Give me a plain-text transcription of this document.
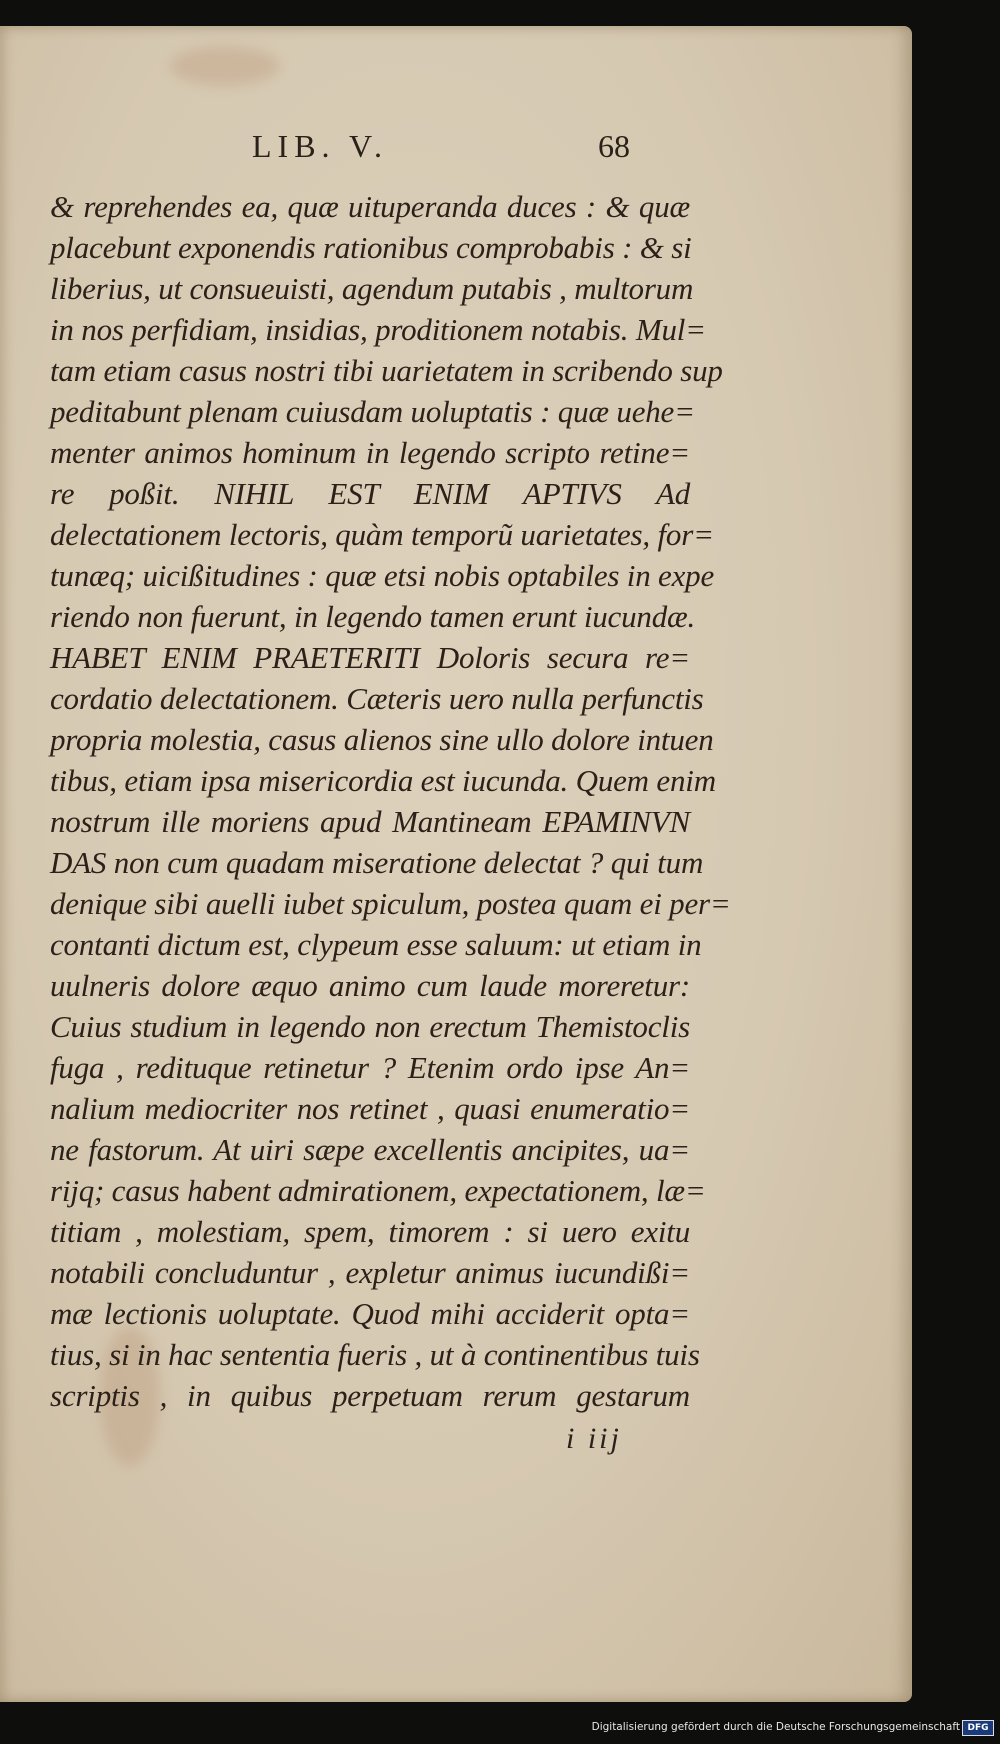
LIB. V.	68
& reprehendes ea, quæ uituperanda duces : & quæ
placebunt exponendis rationibus comprobabis : & si
liberius, ut consueuisti, agendum putabis , multorum
in nos perfidiam, insidias, proditionem notabis. Mul=
tam etiam casus nostri tibi uarietatem in scribendo sup
peditabunt plenam cuiusdam uoluptatis : quæ uehe=
menter animos hominum in legendo scripto retine=
re poßit. NIHIL EST ENIM APTIVS Ad
delectationem lectoris, quàm temporũ uarietates, for=
tunæq; uicißitudines : quæ etsi nobis optabiles in expe
riendo non fuerunt, in legendo tamen erunt iucundæ.
HABET ENIM PRAETERITI Doloris secura re=
cordatio delectationem. Cæteris uero nulla perfunctis
propria molestia, casus alienos sine ullo dolore intuen
tibus, etiam ipsa misericordia est iucunda. Quem enim
nostrum ille moriens apud Mantineam EPAMINVN
DAS non cum quadam miseratione delectat ? qui tum
denique sibi auelli iubet spiculum, postea quam ei per=
contanti dictum est, clypeum esse saluum: ut etiam in
uulneris dolore æquo animo cum laude moreretur:
Cuius studium in legendo non erectum Themistoclis
fuga , redituque retinetur ? Etenim ordo ipse An=
nalium mediocriter nos retinet , quasi enumeratio=
ne fastorum. At uiri sæpe excellentis ancipites, ua=
rijq; casus habent admirationem, expectationem, læ=
titiam , molestiam, spem, timorem : si uero exitu
notabili concluduntur , expletur animus iucundißi=
mæ lectionis uoluptate. Quod mihi acciderit opta=
tius, si in hac sententia fueris , ut à continentibus tuis
scriptis , in quibus perpetuam rerum gestarum
i iij
Digitalisierung gefördert durch die Deutsche Forschungsgemeinschaft DFG
